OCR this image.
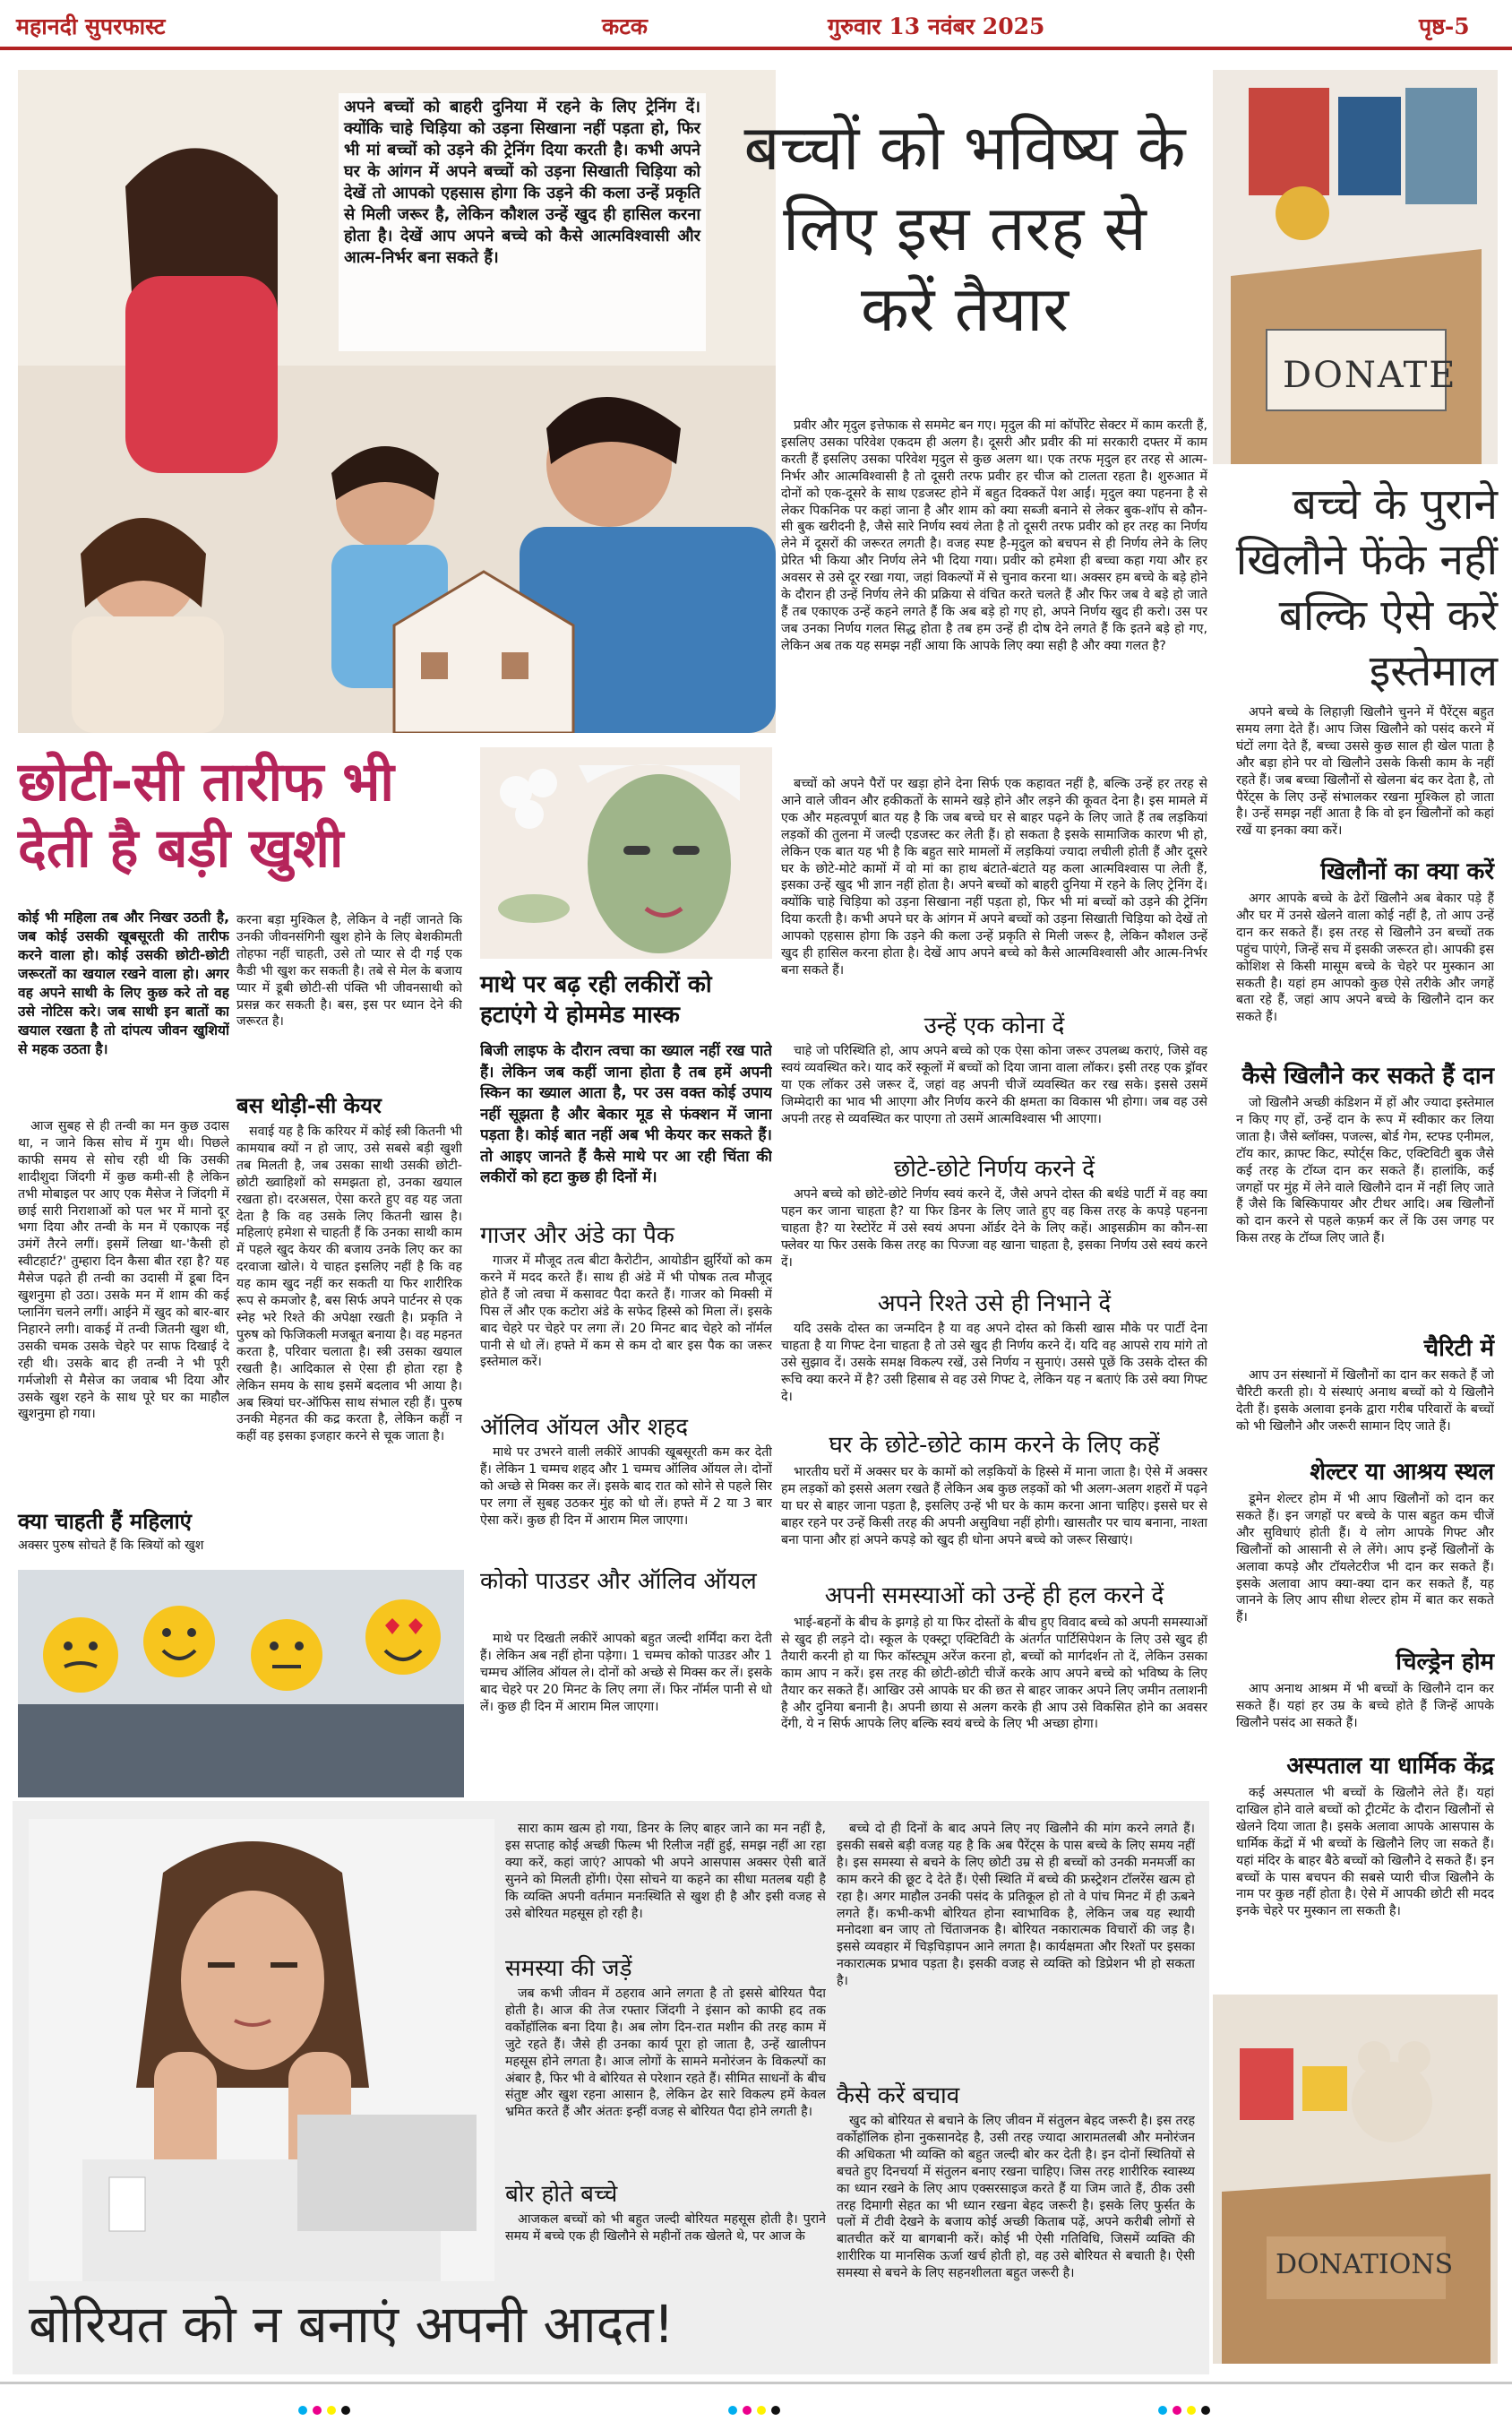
महानदी सुपरफास्ट	कटक	गुरुवार 13 नवंबर 2025	पृष्ठ-5

अपने बच्चों को बाहरी दुनिया में रहने के लिए ट्रेनिंग दें। क्योंकि चाहे चिड़िया को उड़ना सिखाना नहीं पड़ता हो, फिर भी मां बच्चों को उड़ने की ट्रेनिंग दिया करती है। कभी अपने घर के आंगन में अपने बच्चों को उड़ना सिखाती चिड़िया को देखें तो आपको एहसास होगा कि उड़ने की कला उन्हें प्रकृति से मिली जरूर है, लेकिन कौशल उन्हें खुद ही हासिल करना होता है। देखें आप अपने बच्चे को कैसे आत्मविश्वासी और आत्म-निर्भर बना सकते हैं।

बच्चों को भविष्य के लिए इस तरह से करें तैयार

प्रवीर और मृदुल इत्तेफाक से सममेट बन गए। मृदुल की मां कॉर्पोरेट सेक्टर में काम करती हैं, इसलिए उसका परिवेश एकदम ही अलग है। दूसरी और प्रवीर की मां सरकारी दफ्तर में काम करती हैं इसलिए उसका परिवेश मृदुल से कुछ अलग था। एक तरफ मृदुल हर तरह से आत्म-निर्भर और आत्मविश्वासी है तो दूसरी तरफ प्रवीर हर चीज को टालता रहता है। शुरुआत में दोनों को एक-दूसरे के साथ एडजस्ट होने में बहुत दिक्कतें पेश आईं। मृदुल क्या पहनना है से लेकर पिकनिक पर कहां जाना है और शाम को क्या सब्जी बनाने से लेकर बुक-शॉप से कौन-सी बुक खरीदनी है, जैसे सारे निर्णय स्वयं लेता है तो दूसरी तरफ प्रवीर को हर तरह का निर्णय लेने में दूसरों की जरूरत लगती है। वजह स्पष्ट है-मृदुल को बचपन से ही निर्णय लेने के लिए प्रेरित भी किया और निर्णय लेने भी दिया गया। प्रवीर को हमेशा ही बच्चा कहा गया और हर अवसर से उसे दूर रखा गया, जहां विकल्पों में से चुनाव करना था। अक्सर हम बच्चे के बड़े होने के दौरान ही उन्हें निर्णय लेने की प्रक्रिया से वंचित करते चलते हैं और फिर जब वे बड़े हो जाते हैं तब एकाएक उन्हें कहने लगते हैं कि अब बड़े हो गए हो, अपने निर्णय खुद ही करो। उस पर जब उनका निर्णय गलत सिद्ध होता है तब हम उन्हें ही दोष देने लगते हैं कि इतने बड़े हो गए, लेकिन अब तक यह समझ नहीं आया कि आपके लिए क्या सही है और क्या गलत है?

बच्चों को अपने पैरों पर खड़ा होने देना सिर्फ एक कहावत नहीं है, बल्कि उन्हें हर तरह से आने वाले जीवन और हकीकतों के सामने खड़े होने और लड़ने की कूवत देना है। इस मामले में एक और महत्वपूर्ण बात यह है कि जब बच्चे घर से बाहर पढ़ने के लिए जाते हैं तब लड़कियां लड़कों की तुलना में जल्दी एडजस्ट कर लेती हैं। हो सकता है इसके सामाजिक कारण भी हो, लेकिन एक बात यह भी है कि बहुत सारे मामलों में लड़कियां ज्यादा लचीली होती हैं और दूसरे घर के छोटे-मोटे कामों में वो मां का हाथ बंटाते-बंटाते यह कला आत्मविश्वास पा लेती हैं, इसका उन्हें खुद भी ज्ञान नहीं होता है। अपने बच्चों को बाहरी दुनिया में रहने के लिए ट्रेनिंग दें। क्योंकि चाहे चिड़िया को उड़ना सिखाना नहीं पड़ता हो, फिर भी मां बच्चों को उड़ने की ट्रेनिंग दिया करती है। कभी अपने घर के आंगन में अपने बच्चों को उड़ना सिखाती चिड़िया को देखें तो आपको एहसास होगा कि उड़ने की कला उन्हें प्रकृति से मिली जरूर है, लेकिन कौशल उन्हें खुद ही हासिल करना होता है। देखें आप अपने बच्चे को कैसे आत्मविश्वासी और आत्म-निर्भर बना सकते हैं।

उन्हें एक कोना दें

चाहे जो परिस्थिति हो, आप अपने बच्चे को एक ऐसा कोना जरूर उपलब्ध कराएं, जिसे वह स्वयं व्यवस्थित करे। याद करें स्कूलों में बच्चों को दिया जाना वाला लॉकर। इसी तरह एक ड्रॉवर या एक लॉकर उसे जरूर दें, जहां वह अपनी चीजें व्यवस्थित कर रख सके। इससे उसमें जिम्मेदारी का भाव भी आएगा और निर्णय करने की क्षमता का विकास भी होगा। जब वह उसे अपनी तरह से व्यवस्थित कर पाएगा तो उसमें आत्मविश्वास भी आएगा।

छोटे-छोटे निर्णय करने दें

अपने बच्चे को छोटे-छोटे निर्णय स्वयं करने दें, जैसे अपने दोस्त की बर्थडे पार्टी में वह क्या पहन कर जाना चाहता है? या फिर डिनर के लिए जाते हुए वह किस तरह के कपड़े पहनना चाहता है? या रेस्टोरेंट में उसे स्वयं अपना ऑर्डर देने के लिए कहें। आइसक्रीम का कौन-सा फ्लेवर या फिर उसके किस तरह का पिज्जा वह खाना चाहता है, इसका निर्णय उसे स्वयं करने दें।

अपने रिश्ते उसे ही निभाने दें

यदि उसके दोस्त का जन्मदिन है या वह अपने दोस्त को किसी खास मौके पर पार्टी देना चाहता है या गिफ्ट देना चाहता है तो उसे खुद ही निर्णय करने दें। यदि वह आपसे राय मांगे तो उसे सुझाव दें। उसके समक्ष विकल्प रखें, उसे निर्णय न सुनाएं। उससे पूछें कि उसके दोस्त की रूचि क्या करने में है? उसी हिसाब से वह उसे गिफ्ट दे, लेकिन यह न बताएं कि उसे क्या गिफ्ट दे।

घर के छोटे-छोटे काम करने के लिए कहें

भारतीय घरों में अक्सर घर के कामों को लड़कियों के हिस्से में माना जाता है। ऐसे में अक्सर हम लड़कों को इससे अलग रखते हैं लेकिन अब कुछ लड़कों को भी अलग-अलग शहरों में पढ़ने या घर से बाहर जाना पड़ता है, इसलिए उन्हें भी घर के काम करना आना चाहिए। इससे घर से बाहर रहने पर उन्हें किसी तरह की अपनी असुविधा नहीं होगी। खासतौर पर चाय बनाना, नाश्ता बना पाना और हां अपने कपड़े को खुद ही धोना अपने बच्चे को जरूर सिखाएं।

अपनी समस्याओं को उन्हें ही हल करने दें

भाई-बहनों के बीच के झगड़े हो या फिर दोस्तों के बीच हुए विवाद बच्चे को अपनी समस्याओं से खुद ही लड़ने दो। स्कूल के एक्स्ट्रा एक्टिविटी के अंतर्गत पार्टिसिपेशन के लिए उसे खुद ही तैयारी करनी हो या फिर कॉस्ट्यूम अरेंज करना हो, बच्चों को मार्गदर्शन तो दें, लेकिन उसका काम आप न करें। इस तरह की छोटी-छोटी चीजें करके आप अपने बच्चे को भविष्य के लिए तैयार कर सकते हैं। आखिर उसे आपके घर की छत से बाहर जाकर अपने लिए जमीन तलाशनी है और दुनिया बनानी है। अपनी छाया से अलग करके ही आप उसे विकसित होने का अवसर देंगी, ये न सिर्फ आपके लिए बल्कि स्वयं बच्चे के लिए भी अच्छा होगा।

छोटी-सी तारीफ भी देती है बड़ी खुशी

कोई भी महिला तब और निखर उठती है, जब कोई उसकी खूबसूरती की तारीफ करने वाला हो। कोई उसकी छोटी-छोटी जरूरतों का खयाल रखने वाला हो। अगर वह अपने साथी के लिए कुछ करे तो वह उसे नोटिस करे। जब साथी इन बातों का खयाल रखता है तो दांपत्य जीवन खुशियों से महक उठता है।

आज सुबह से ही तन्वी का मन कुछ उदास था, न जाने किस सोच में गुम थी। पिछले काफी समय से सोच रही थी कि उसकी शादीशुदा जिंदगी में कुछ कमी-सी है लेकिन तभी मोबाइल पर आए एक मैसेज ने जिंदगी में छाई सारी निराशाओं को पल भर में मानो दूर भगा दिया और तन्वी के मन में एकाएक नई उमंगें तैरने लगीं। इसमें लिखा था-'कैसी हो स्वीटहार्ट?' तुम्हारा दिन कैसा बीत रहा है? यह मैसेज पढ़ते ही तन्वी का उदासी में डूबा दिन खुशनुमा हो उठा। उसके मन में शाम की कई प्लानिंग चलने लगीं। आईने में खुद को बार-बार निहारने लगी। वाकई में तन्वी जितनी खुश थी, उसकी चमक उसके चेहरे पर साफ दिखाई दे रही थी। उसके बाद ही तन्वी ने भी पूरी गर्मजोशी से मैसेज का जवाब भी दिया और उसके खुश रहने के साथ पूरे घर का माहौल खुशनुमा हो गया।

क्या चाहती हैं महिलाएं

अक्सर पुरुष सोचते हैं कि स्त्रियों को खुश

करना बड़ा मुश्किल है, लेकिन वे नहीं जानते कि उनकी जीवनसंगिनी खुश होने के लिए बेशकीमती तोहफा नहीं चाहती, उसे तो प्यार से दी गई एक कैडी भी खुश कर सकती है। तबे से मेल के बजाय प्यार में डूबी छोटी-सी पंक्ति भी जीवनसाथी को प्रसन्न कर सकती है। बस, इस पर ध्यान देने की जरूरत है।

बस थोड़ी-सी केयर

सवाई यह है कि करियर में कोई स्त्री कितनी भी कामयाब क्यों न हो जाए, उसे सबसे बड़ी खुशी तब मिलती है, जब उसका साथी उसकी छोटी-छोटी ख्वाहिशों को समझता हो, उनका खयाल रखता हो। दरअसल, ऐसा करते हुए वह यह जता देता है कि वह उसके लिए कितनी खास है। महिलाएं हमेशा से चाहती हैं कि उनका साथी काम में पहले खुद केयर की बजाय उनके लिए कर का दरवाजा खोले। ये चाहत इसलिए नहीं है कि वह यह काम खुद नहीं कर सकती या फिर शारीरिक रूप से कमजोर है, बस सिर्फ अपने पार्टनर से एक स्नेह भरे रिश्ते की अपेक्षा रखती है। प्रकृति ने पुरुष को फिजिकली मजबूत बनाया है। वह महनत करता है, परिवार चलाता है। स्त्री उसका खयाल रखती है। आदिकाल से ऐसा ही होता रहा है लेकिन समय के साथ इसमें बदलाव भी आया है। अब स्त्रियां घर-ऑफिस साथ संभाल रही हैं। पुरुष उनकी मेहनत की कद्र करता है, लेकिन कहीं न कहीं वह इसका इजहार करने से चूक जाता है।

माथे पर बढ़ रही लकीरों को हटाएंगे ये होममेड मास्क

बिजी लाइफ के दौरान त्वचा का ख्याल नहीं रख पाते हैं। लेकिन जब कहीं जाना होता है तब हमें अपनी स्किन का ख्याल आता है, पर उस वक्त कोई उपाय नहीं सूझता है और बेकार मूड से फंक्शन में जाना पड़ता है। कोई बात नहीं अब भी केयर कर सकते हैं। तो आइए जानते हैं कैसे माथे पर आ रही चिंता की लकीरों को हटा कुछ ही दिनों में।

गाजर और अंडे का पैक

गाजर में मौजूद तत्व बीटा कैरोटीन, आयोडीन झुर्रियों को कम करने में मदद करते हैं। साथ ही अंडे में भी पोषक तत्व मौजूद होते हैं जो त्वचा में कसावट पैदा करते हैं। गाजर को मिक्सी में पिस लें और एक कटोरा अंडे के सफेद हिस्से को मिला लें। इसके बाद चेहरे पर चेहरे पर लगा लें। 20 मिनट बाद चेहरे को नॉर्मल पानी से धो लें। हफ्ते में कम से कम दो बार इस पैक का जरूर इस्तेमाल करें।

ऑलिव ऑयल और शहद

माथे पर उभरने वाली लकीरें आपकी खूबसूरती कम कर देती हैं। लेकिन 1 चम्मच शहद और 1 चम्मच ऑलिव ऑयल ले। दोनों को अच्छे से मिक्स कर लें। इसके बाद रात को सोने से पहले सिर पर लगा लें सुबह उठकर मुंह को धो लें। हफ्ते में 2 या 3 बार ऐसा करें। कुछ ही दिन में आराम मिल जाएगा।

कोको पाउडर और ऑलिव ऑयल

माथे पर दिखती लकीरें आपको बहुत जल्दी शर्मिंदा करा देती हैं। लेकिन अब नहीं होना पड़ेगा। 1 चम्मच कोको पाउडर और 1 चम्मच ऑलिव ऑयल ले। दोनों को अच्छे से मिक्स कर लें। इसके बाद चेहरे पर 20 मिनट के लिए लगा लें। फिर नॉर्मल पानी से धो लें। कुछ ही दिन में आराम मिल जाएगा।

DONATE
बच्चे के पुराने खिलौने फेंके नहीं बल्कि ऐसे करें इस्तेमाल

अपने बच्चे के लिहाज़ी खिलौने चुनने में पैरेंट्स बहुत समय लगा देते हैं। आप जिस खिलौने को पसंद करने में घंटों लगा देते हैं, बच्चा उससे कुछ साल ही खेल पाता है और बड़ा होने पर वो खिलौने उसके किसी काम के नहीं रहते हैं। जब बच्चा खिलौनों से खेलना बंद कर देता है, तो पैरेंट्स के लिए उन्हें संभालकर रखना मुश्किल हो जाता है। उन्हें समझ नहीं आता है कि वो इन खिलौनों को कहां रखें या इनका क्या करें।

खिलौनों का क्या करें

अगर आपके बच्चे के ढेरों खिलौने अब बेकार पड़े हैं और घर में उनसे खेलने वाला कोई नहीं है, तो आप उन्हें दान कर सकते हैं। इस तरह से खिलौने उन बच्चों तक पहुंच पाएंगे, जिन्हें सच में इसकी जरूरत हो। आपकी इस कोशिश से किसी मासूम बच्चे के चेहरे पर मुस्कान आ सकती है। यहां हम आपको कुछ ऐसे तरीके और जगहें बता रहे हैं, जहां आप अपने बच्चे के खिलौने दान कर सकते हैं।

कैसे खिलौने कर सकते हैं दान

जो खिलौने अच्छी कंडिशन में हों और ज्यादा इस्तेमाल न किए गए हों, उन्हें दान के रूप में स्वीकार कर लिया जाता है। जैसे ब्लॉक्स, पजल्स, बोर्ड गेम, स्टफ्ड एनीमल, टॉय कार, क्राफ्ट किट, स्पोर्ट्स किट, एक्टिविटी बुक जैसे कई तरह के टॉय्ज दान कर सकते हैं। हालांकि, कई जगहों पर मुंह में लेने वाले खिलौने दान में नहीं लिए जाते हैं जैसे कि बिस्किपायर और टीथर आदि। अब खिलौनों को दान करने से पहले कफ़र्म कर लें कि उस जगह पर किस तरह के टॉय्ज लिए जाते हैं।

चैरिटी में

आप उन संस्थानों में खिलौनों का दान कर सकते हैं जो चैरिटी करती हो। ये संस्थाएं अनाथ बच्चों को ये खिलौने देती हैं। इसके अलावा इनके द्वारा गरीब परिवारों के बच्चों को भी खिलौने और जरूरी सामान दिए जाते हैं।

शेल्टर या आश्रय स्थल

डूमेन शेल्टर होम में भी आप खिलौनों को दान कर सकते हैं। इन जगहों पर बच्चे के पास बहुत कम चीजें और सुविधाएं होती हैं। ये लोग आपके गिफ्ट और खिलौनों को आसानी से ले लेंगे। आप इन्हें खिलौनों के अलावा कपड़े और टॉयलेटरीज भी दान कर सकते हैं। इसके अलावा आप क्या-क्या दान कर सकते हैं, यह जानने के लिए आप सीधा शेल्टर होम में बात कर सकते हैं।

चिल्ड्रेन होम

आप अनाथ आश्रम में भी बच्चों के खिलौने दान कर सकते हैं। यहां हर उम्र के बच्चे होते हैं जिन्हें आपके खिलौने पसंद आ सकते हैं।

अस्पताल या धार्मिक केंद्र

कई अस्पताल भी बच्चों के खिलौने लेते हैं। यहां दाखिल होने वाले बच्चों को ट्रीटमेंट के दौरान खिलौनों से खेलने दिया जाता है। इसके अलावा आपके आसपास के धार्मिक केंद्रों में भी बच्चों के खिलौने लिए जा सकते हैं। यहां मंदिर के बाहर बैठे बच्चों को खिलौने दे सकते हैं। इन बच्चों के पास बचपन की सबसे प्यारी चीज खिलौने के नाम पर कुछ नहीं होता है। ऐसे में आपकी छोटी सी मदद इनके चेहरे पर मुस्कान ला सकती है।

DONATIONS
बोरियत को न बनाएं अपनी आदत!

सारा काम खत्म हो गया, डिनर के लिए बाहर जाने का मन नहीं है, इस सप्ताह कोई अच्छी फिल्म भी रिलीज नहीं हुई, समझ नहीं आ रहा क्या करें, कहां जाएं? आपको भी अपने आसपास अक्सर ऐसी बातें सुनने को मिलती होंगी। ऐसा सोचने या कहने का सीधा मतलब यही है कि व्यक्ति अपनी वर्तमान मनःस्थिति से खुश ही है और इसी वजह से उसे बोरियत महसूस हो रही है।

समस्या की जड़ें

जब कभी जीवन में ठहराव आने लगता है तो इससे बोरियत पैदा होती है। आज की तेज रफ्तार जिंदगी ने इंसान को काफी हद तक वर्कोहॉलिक बना दिया है। अब लोग दिन-रात मशीन की तरह काम में जुटे रहते हैं। जैसे ही उनका कार्य पूरा हो जाता है, उन्हें खालीपन महसूस होने लगता है। आज लोगों के सामने मनोरंजन के विकल्पों का अंबार है, फिर भी वे बोरियत से परेशान रहते हैं। सीमित साधनों के बीच संतुष्ट और खुश रहना आसान है, लेकिन ढेर सारे विकल्प हमें केवल भ्रमित करते हैं और अंततः इन्हीं वजह से बोरियत पैदा होने लगती है।

बोर होते बच्चे

आजकल बच्चों को भी बहुत जल्दी बोरियत महसूस होती है। पुराने समय में बच्चे एक ही खिलौने से महीनों तक खेलते थे, पर आज के

बच्चे दो ही दिनों के बाद अपने लिए नए खिलौने की मांग करने लगते हैं। इसकी सबसे बड़ी वजह यह है कि अब पैरेंट्स के पास बच्चे के लिए समय नहीं है। इस समस्या से बचने के लिए छोटी उम्र से ही बच्चों को उनकी मनमर्जी का काम करने की छूट दे देते हैं। ऐसी स्थिति में बच्चे की फ्रस्ट्रेशन टॉलरेंस खत्म हो रहा है। अगर माहौल उनकी पसंद के प्रतिकूल हो तो वे पांच मिनट में ही ऊबने लगते हैं। कभी-कभी बोरियत होना स्वाभाविक है, लेकिन जब यह स्थायी मनोदशा बन जाए तो चिंताजनक है। बोरियत नकारात्मक विचारों की जड़ है। इससे व्यवहार में चिड़चिड़ापन आने लगता है। कार्यक्षमता और रिश्तों पर इसका नकारात्मक प्रभाव पड़ता है। इसकी वजह से व्यक्ति को डिप्रेशन भी हो सकता है।

कैसे करें बचाव

खुद को बोरियत से बचाने के लिए जीवन में संतुलन बेहद जरूरी है। इस तरह वर्कोहॉलिक होना नुकसानदेह है, उसी तरह ज्यादा आरामतलबी और मनोरंजन की अधिकता भी व्यक्ति को बहुत जल्दी बोर कर देती है। इन दोनों स्थितियों से बचते हुए दिनचर्या में संतुलन बनाए रखना चाहिए। जिस तरह शारीरिक स्वास्थ्य का ध्यान रखने के लिए आप एक्सरसाइज करते हैं या जिम जाते हैं, ठीक उसी तरह दिमागी सेहत का भी ध्यान रखना बेहद जरूरी है। इसके लिए फुर्सत के पलों में टीवी देखने के बजाय कोई अच्छी किताब पढ़ें, अपने करीबी लोगों से बातचीत करें या बागबानी करें। कोई भी ऐसी गतिविधि, जिसमें व्यक्ति की शारीरिक या मानसिक ऊर्जा खर्च होती हो, वह उसे बोरियत से बचाती है। ऐसी समस्या से बचने के लिए सहनशीलता बहुत जरूरी है।
